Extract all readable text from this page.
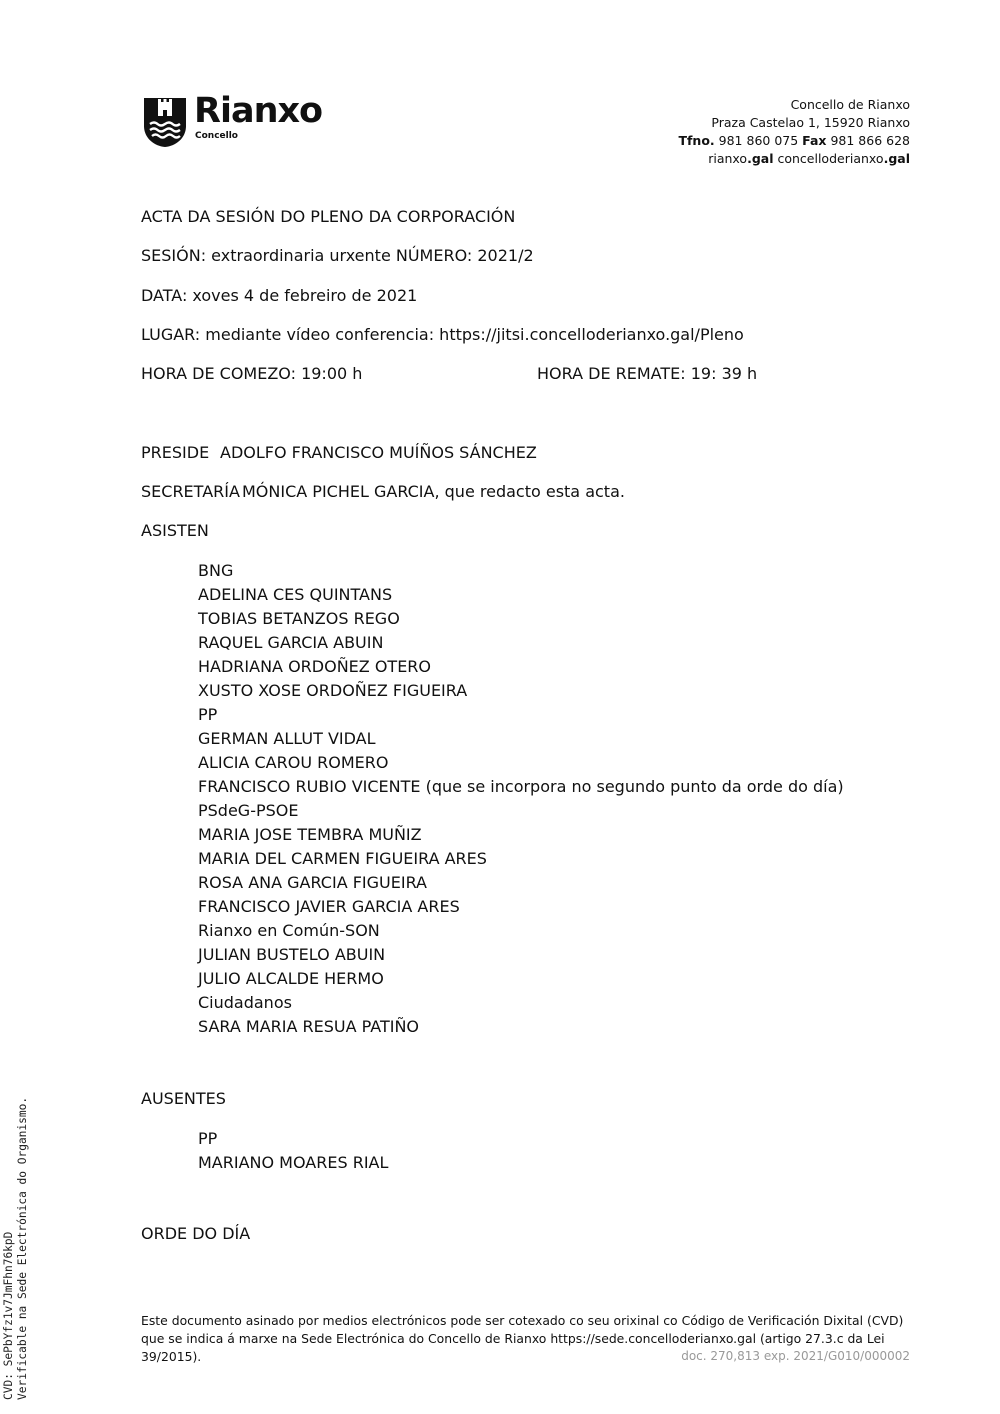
Rianxo
Concello
Concello de Rianxo
Praza Castelao 1, 15920 Rianxo
Tfno. 981 860 075 Fax 981 866 628
rianxo.gal concelloderianxo.gal
ACTA DA SESIÓN DO PLENO DA CORPORACIÓN
SESIÓN: extraordinaria urxente NÚMERO: 2021/2
DATA: xoves 4 de febreiro de 2021
LUGAR: mediante vídeo conferencia: https://jitsi.concelloderianxo.gal/Pleno
HORA DE COMEZO: 19:00 h	HORA DE REMATE: 19: 39 h
PRESIDE ADOLFO FRANCISCO MUÍÑOS SÁNCHEZ
SECRETARÍA MÓNICA PICHEL GARCIA, que redacto esta acta.
ASISTEN
BNG
ADELINA CES QUINTANS
TOBIAS BETANZOS REGO
RAQUEL GARCIA ABUIN
HADRIANA ORDOÑEZ OTERO
XUSTO XOSE ORDOÑEZ FIGUEIRA
PP
GERMAN ALLUT VIDAL
ALICIA CAROU ROMERO
FRANCISCO RUBIO VICENTE (que se incorpora no segundo punto da orde do día)
PSdeG-PSOE
MARIA JOSE TEMBRA MUÑIZ
MARIA DEL CARMEN FIGUEIRA ARES
ROSA ANA GARCIA FIGUEIRA
FRANCISCO JAVIER GARCIA ARES
Rianxo en Común-SON
JULIAN BUSTELO ABUIN
JULIO ALCALDE HERMO
Ciudadanos
SARA MARIA RESUA PATIÑO
AUSENTES
PP
MARIANO MOARES RIAL
ORDE DO DÍA
Este documento asinado por medios electrónicos pode ser cotexado co seu orixinal co Código de Verificación Dixital (CVD) que se indica á marxe na Sede Electrónica do Concello de Rianxo https://sede.concelloderianxo.gal (artigo 27.3.c da Lei 39/2015).	doc. 270,813 exp. 2021/G010/000002
CVD: SePbYfz1v7JmFhn76kpD Verificable na Sede Electrónica do Organismo.
